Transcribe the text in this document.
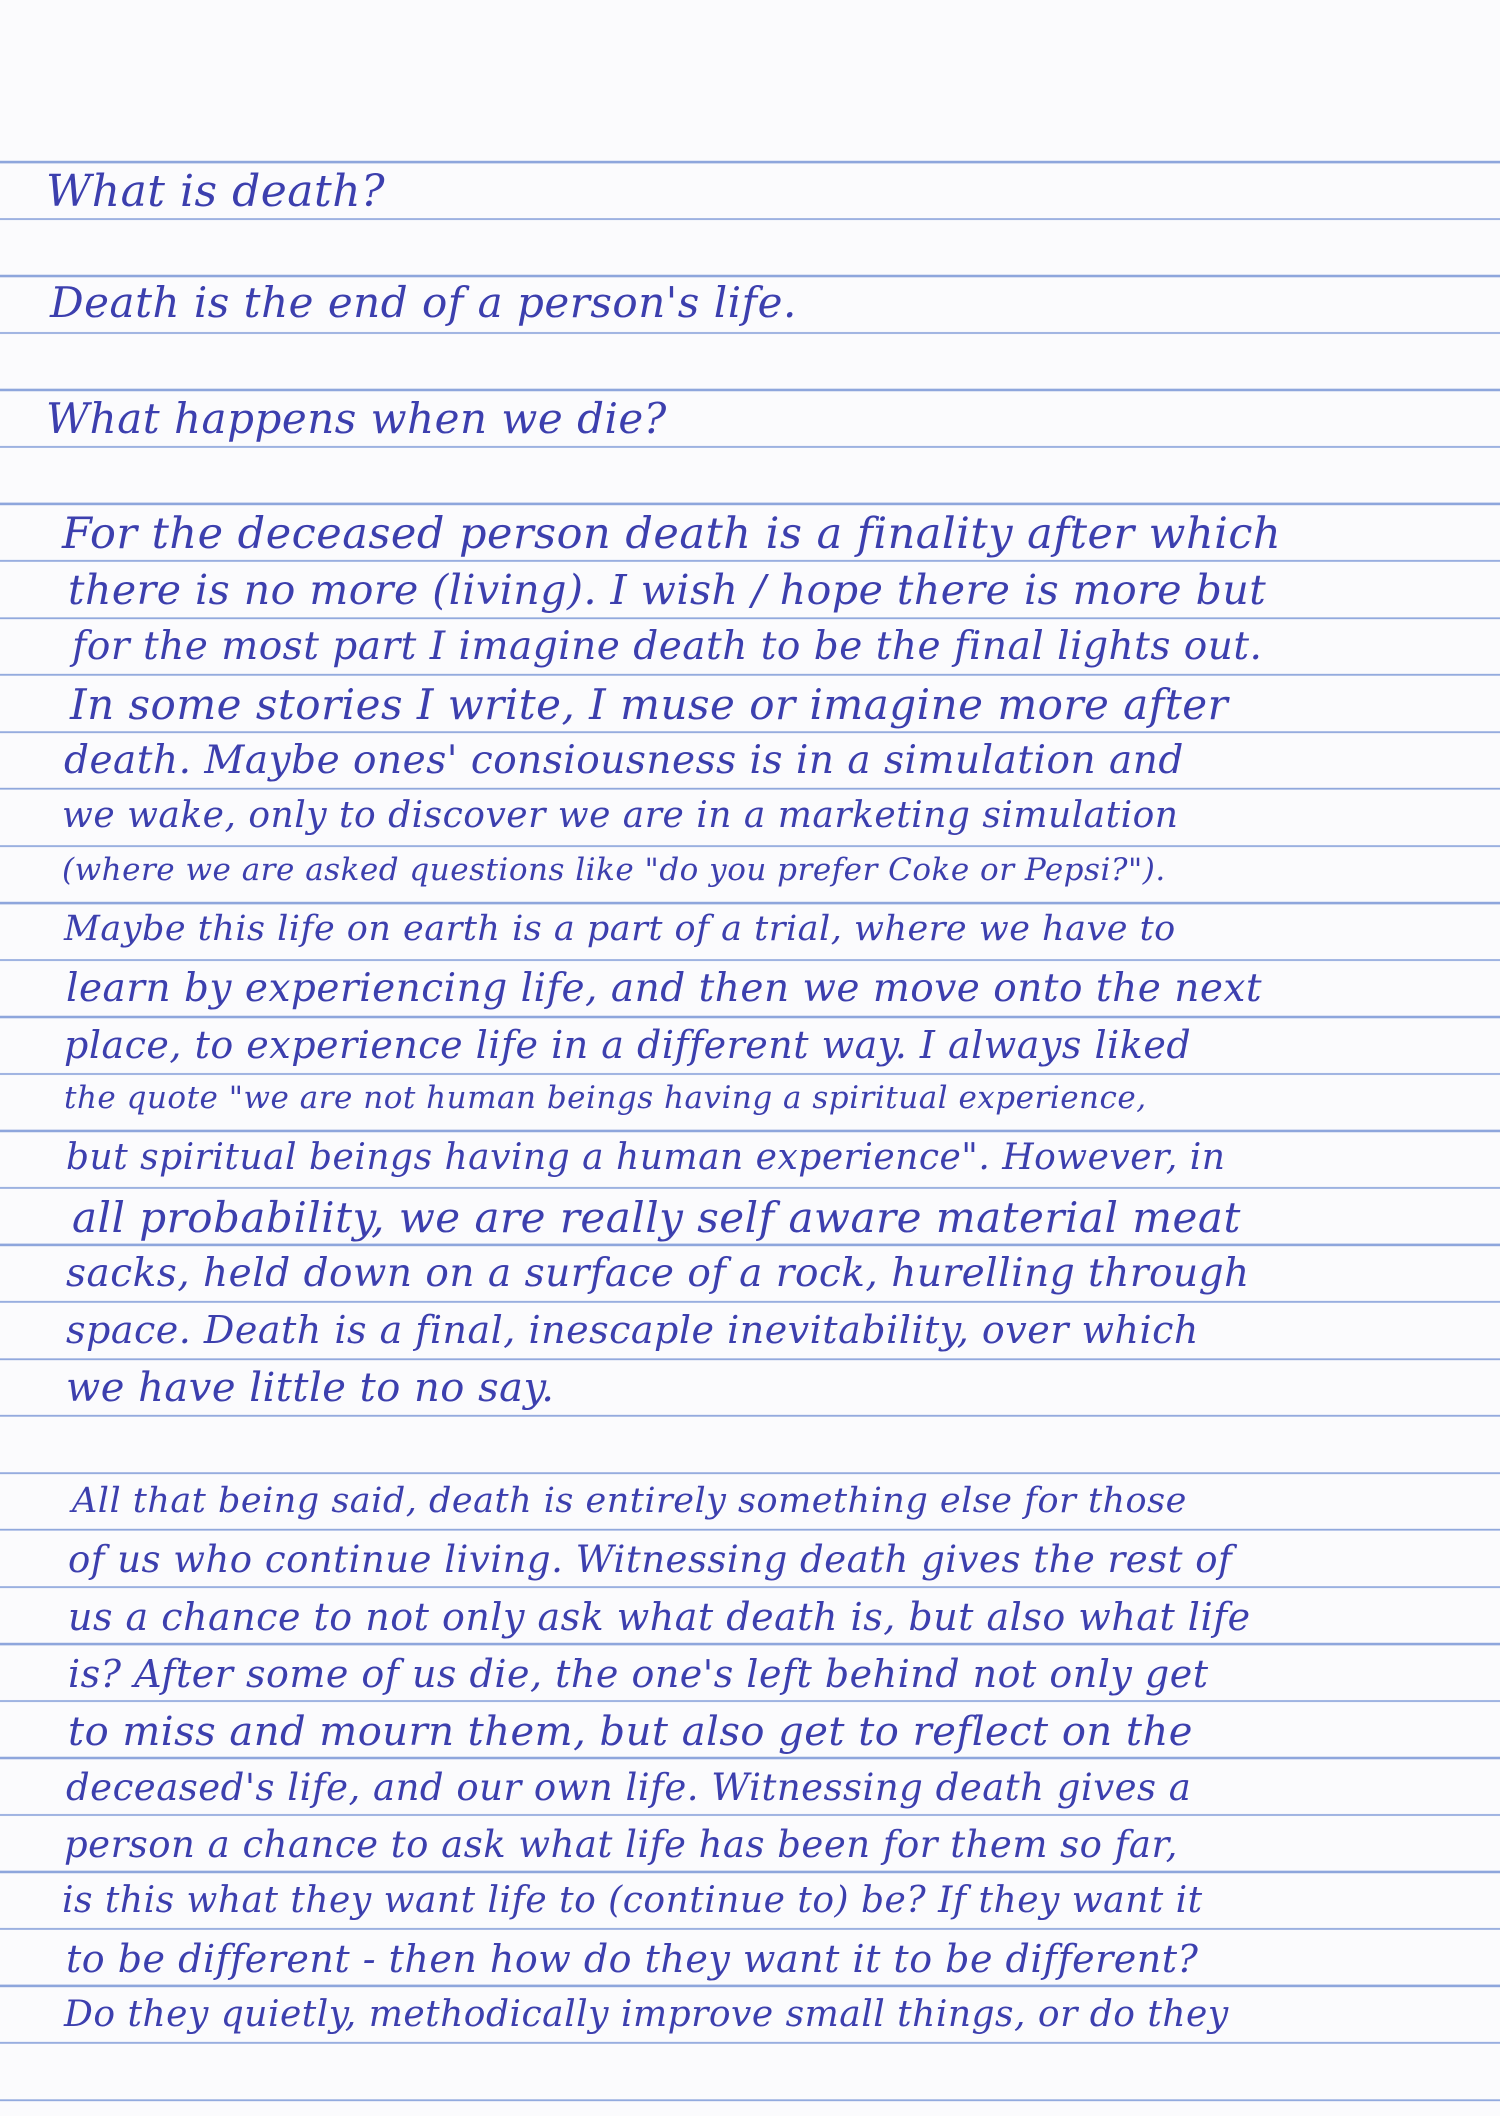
What is death?
Death is the end of a person's life.
What happens when we die?
For the deceased person death is a finality after which
there is no more (living). I wish / hope there is more but
for the most part I imagine death to be the final lights out.
In some stories I write, I muse or imagine more after
death. Maybe ones' consiousness is in a simulation and
we wake, only to discover we are in a marketing simulation
(where we are asked questions like "do you prefer Coke or Pepsi?").
Maybe this life on earth is a part of a trial, where we have to
learn by experiencing life, and then we move onto the next
place, to experience life in a different way. I always liked
the quote "we are not human beings having a spiritual experience,
but spiritual beings having a human experience". However, in
all probability, we are really self aware material meat
sacks, held down on a surface of a rock, hurelling through
space. Death is a final, inescaple inevitability, over which
we have little to no say.
All that being said, death is entirely something else for those
of us who continue living. Witnessing death gives the rest of
us a chance to not only ask what death is, but also what life
is? After some of us die, the one's left behind not only get
to miss and mourn them, but also get to reflect on the
deceased's life, and our own life. Witnessing death gives a
person a chance to ask what life has been for them so far,
is this what they want life to (continue to) be? If they want it
to be different - then how do they want it to be different?
Do they quietly, methodically improve small things, or do they
